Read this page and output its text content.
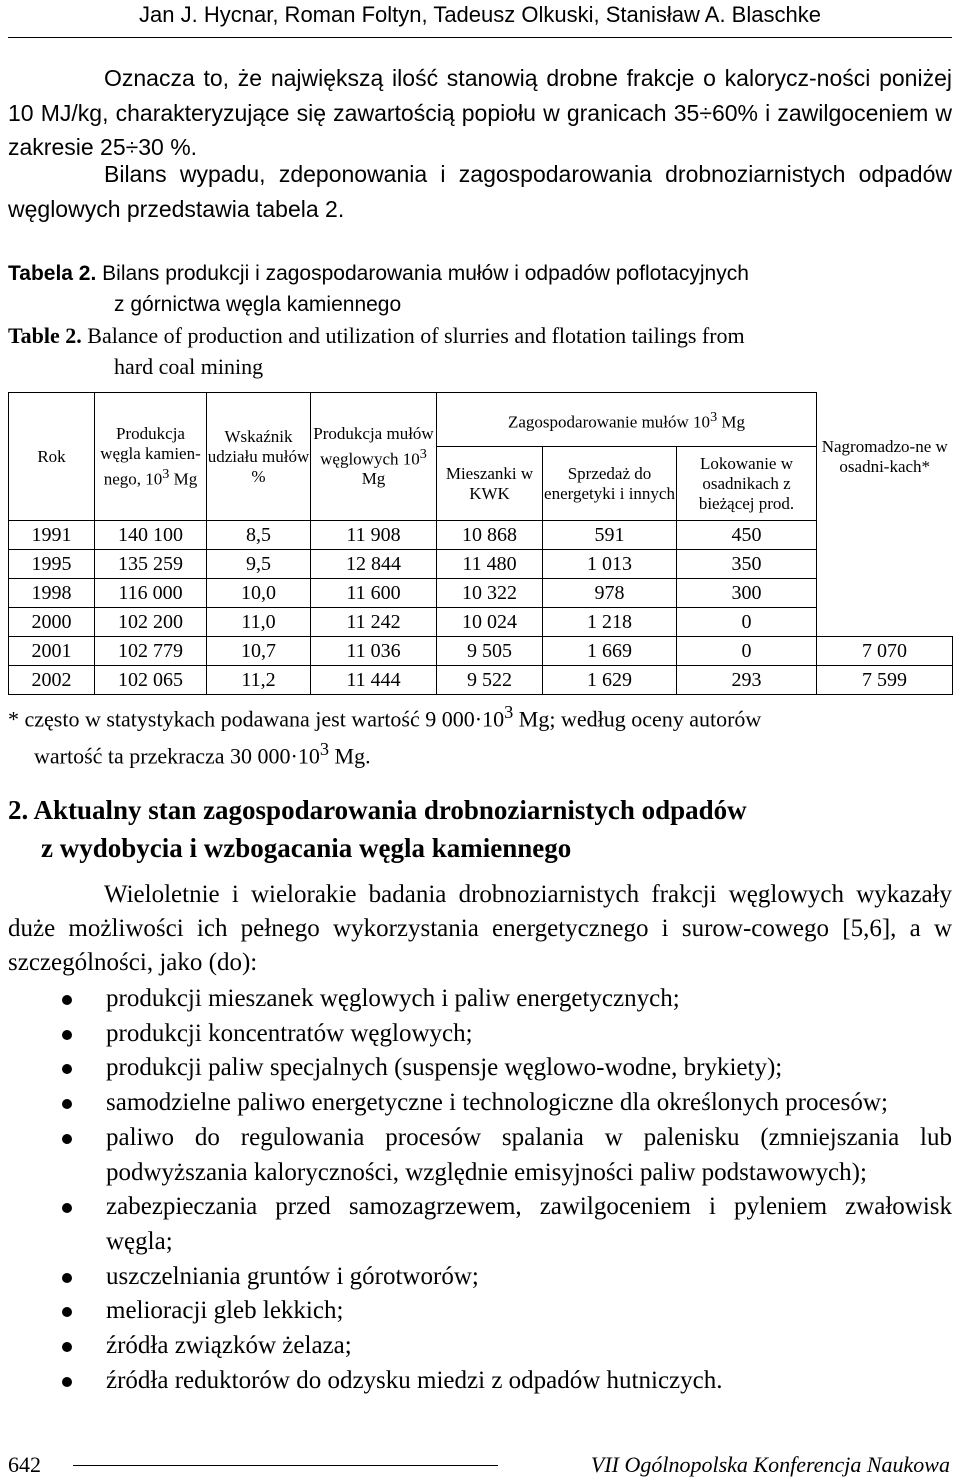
Jan J. Hycnar, Roman Foltyn, Tadeusz Olkuski, Stanisław A. Blaschke
Oznacza to, że największą ilość stanowią drobne frakcje o kalorycz-ności poniżej 10 MJ/kg, charakteryzujące się zawartością popiołu w granicach 35÷60% i zawilgoceniem w zakresie 25÷30 %.
Bilans wypadu, zdeponowania i zagospodarowania drobnoziarnistych odpadów węglowych przedstawia tabela 2.
Tabela 2. Bilans produkcji i zagospodarowania mułów i odpadów poflotacyjnych
z górnictwa węgla kamiennego
Table 2. Balance of production and utilization of slurries and flotation tailings from
hard coal mining
Rok	Produkcja węgla kamien-nego, $10^3$ Mg	Wskaźnik udziału mułów %	Produkcja mułów węglowych $10^3$ Mg	Zagospodarowanie mułów $10^3$ Mg			Nagromadzo-ne w osadni-kach*
				Mieszanki w KWK	Sprzedaż do energetyki i innych	Lokowanie w osadnikach z bieżącej prod.	
1991	140 100	8,5	11 908	10 868	591	450	
1995	135 259	9,5	12 844	11 480	1 013	350	
1998	116 000	10,0	11 600	10 322	978	300	
2000	102 200	11,0	11 242	10 024	1 218	0	
2001	102 779	10,7	11 036	9 505	1 669	0	7 070
2002	102 065	11,2	11 444	9 522	1 629	293	7 599
* często w statystykach podawana jest wartość 9 $000\cdot 10^3$ Mg; według oceny autorów
wartość ta przekracza 30 $000\cdot 10^3$ Mg.
2. Aktualny stan zagospodarowania drobnoziarnistych odpadów
z wydobycia i wzbogacania węgla kamiennego
Wieloletnie i wielorakie badania drobnoziarnistych frakcji węglowych wykazały duże możliwości ich pełnego wykorzystania energetycznego i surow-cowego [5,6], a w szczególności, jako (do):
produkcji mieszanek węglowych i paliw energetycznych;
produkcji koncentratów węglowych;
produkcji paliw specjalnych (suspensje węglowo-wodne, brykiety);
samodzielne paliwo energetyczne i technologiczne dla określonych procesów;
paliwo do regulowania procesów spalania w palenisku (zmniejszania lub podwyższania kaloryczności, względnie emisyjności paliw podstawowych);
zabezpieczania przed samozagrzewem, zawilgoceniem i pyleniem zwałowisk węgla;
uszczelniania gruntów i górotworów;
melioracji gleb lekkich;
źródła związków żelaza;
źródła reduktorów do odzysku miedzi z odpadów hutniczych.
642	VII Ogólnopolska Konferencja Naukowa
